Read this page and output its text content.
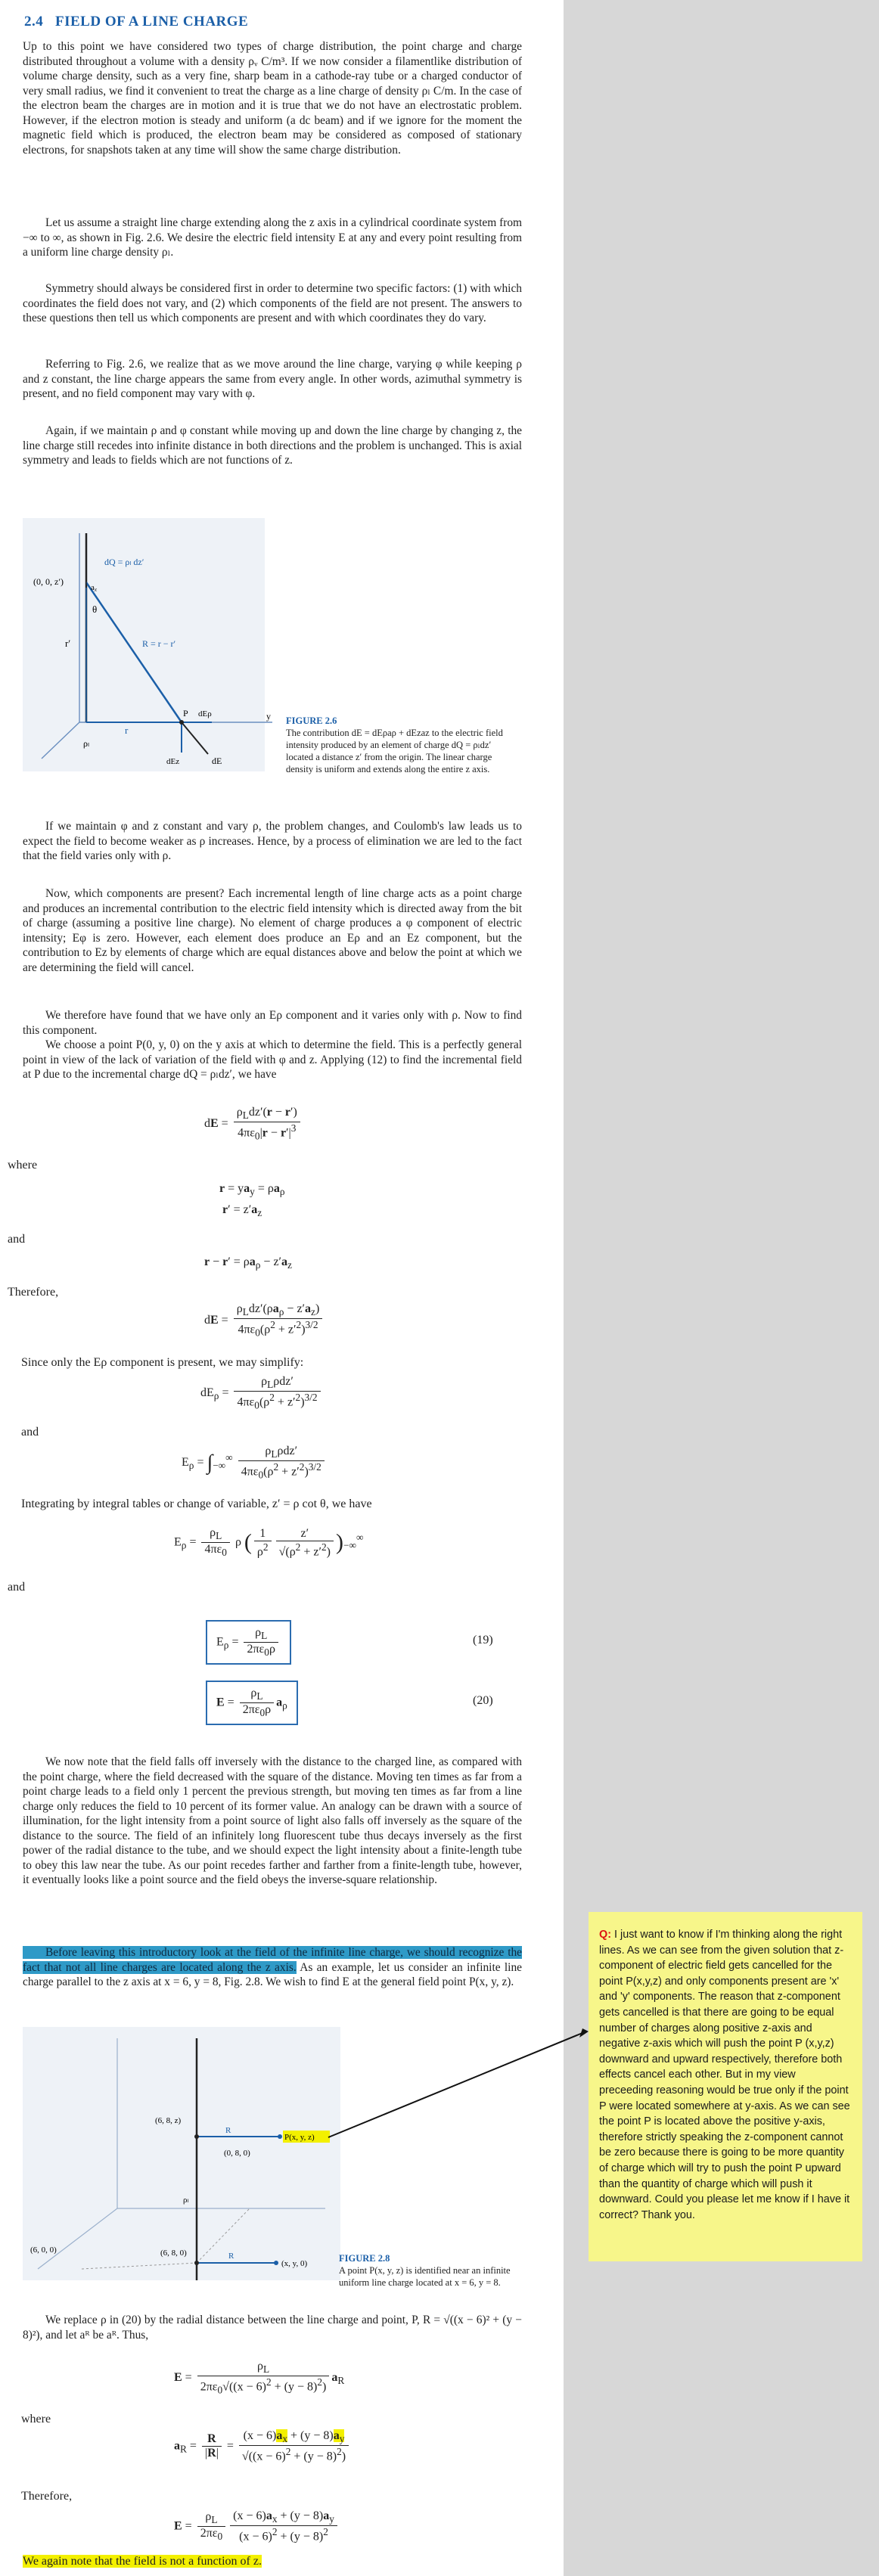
2.4 FIELD OF A LINE CHARGE

Up to this point we have considered two types of charge distribution, the point charge and charge distributed throughout a volume with a density ρᵥ C/m³. If we now consider a filamentlike distribution of volume charge density, such as a very fine, sharp beam in a cathode-ray tube or a charged conductor of very small radius, we find it convenient to treat the charge as a line charge of density ρₗ C/m. In the case of the electron beam the charges are in motion and it is true that we do not have an electrostatic problem. However, if the electron motion is steady and uniform (a dc beam) and if we ignore for the moment the magnetic field which is produced, the electron beam may be considered as composed of stationary electrons, for snapshots taken at any time will show the same charge distribution.

Let us assume a straight line charge extending along the z axis in a cylindrical coordinate system from −∞ to ∞, as shown in Fig. 2.6. We desire the electric field intensity E at any and every point resulting from a uniform line charge density ρₗ.

Symmetry should always be considered first in order to determine two specific factors: (1) with which coordinates the field does not vary, and (2) which components of the field are not present. The answers to these questions then tell us which components are present and with which coordinates they do vary.

Referring to Fig. 2.6, we realize that as we move around the line charge, varying φ while keeping ρ and z constant, the line charge appears the same from every angle. In other words, azimuthal symmetry is present, and no field component may vary with φ.

Again, if we maintain ρ and φ constant while moving up and down the line charge by changing z, the line charge still recedes into infinite distance in both directions and the problem is unchanged. This is axial symmetry and leads to fields which are not functions of z.

(0, 0, z′)
dQ = ρₗ dz′
aᵪ
θ
r′	R = r − r′
P dEρ	y
r
ρₗ
dEz	dE
FIGURE 2.6
The contribution dE = dEρaρ + dEzaz to the electric field intensity produced by an element of charge dQ = ρₗdz′ located a distance z′ from the origin. The linear charge density is uniform and extends along the entire z axis.

If we maintain φ and z constant and vary ρ, the problem changes, and Coulomb's law leads us to expect the field to become weaker as ρ increases. Hence, by a process of elimination we are led to the fact that the field varies only with ρ.

Now, which components are present? Each incremental length of line charge acts as a point charge and produces an incremental contribution to the electric field intensity which is directed away from the bit of charge (assuming a positive line charge). No element of charge produces a φ component of electric intensity; Eφ is zero. However, each element does produce an Eρ and an Ez component, but the contribution to Ez by elements of charge which are equal distances above and below the point at which we are determining the field will cancel.

We therefore have found that we have only an Eρ component and it varies only with ρ. Now to find this component.

We choose a point P(0, y, 0) on the y axis at which to determine the field. This is a perfectly general point in view of the lack of variation of the field with φ and z. Applying (12) to find the incremental field at P due to the incremental charge dQ = ρₗdz′, we have

dE = $\frac{\rho_Ldz'(r - r')}{4\pi\varepsilon_0|r - r'|^3}$
where
$r = ya_y = \rho a_\rho$
$r' = z'a_z$
and
$r - r' = \rho a_\rho - z'a_z$
Therefore,
dE = $\frac{\rho_Ldz'(\rho a_\rho - z'a_z)}{4\pi\varepsilon_0(\rho^2 + z'^2)^{3/2}}$
Since only the Eρ component is present, we may simplify:
$dE_\rho = \frac{\rho_L\rho dz'}{4\pi\varepsilon_0(\rho^2 + z'^2)^{3/2}}$
and
$E_\rho = \int_{-\infty}^\infty \frac{\rho_L\rho dz'}{4\pi\varepsilon_0(\rho^2 + z'^2)^{3/2}}$
Integrating by integral tables or change of variable, z′ = ρ cot θ, we have
$E_\rho = \frac{\rho_L}{4\pi\varepsilon_0}$ ρ ( $\frac{1}{\rho^2} \frac{z'}{√(\rho^2 + z'^2)} )_{-\infty}^\infty$
and
$E_\rho = \frac{\rho_L}{2\pi\varepsilon_0\rho}$	(19)
$E = \frac{\rho_L}{2\pi\varepsilon_0\rho} a_\rho$	(20)

We now note that the field falls off inversely with the distance to the charged line, as compared with the point charge, where the field decreased with the square of the distance. Moving ten times as far from a point charge leads to a field only 1 percent the previous strength, but moving ten times as far from a line charge only reduces the field to 10 percent of its former value. An analogy can be drawn with a source of illumination, for the light intensity from a point source of light also falls off inversely as the square of the distance to the source. The field of an infinitely long fluorescent tube thus decays inversely as the first power of the radial distance to the tube, and we should expect the light intensity about a finite-length tube to obey this law near the tube. As our point recedes farther and farther from a finite-length tube, however, it eventually looks like a point source and the field obeys the inverse-square relationship.

Before leaving this introductory look at the field of the infinite line charge, we should recognize the fact that not all line charges are located along the z axis. As an example, let us consider an infinite line charge parallel to the z axis at x = 6, y = 8, Fig. 2.8. We wish to find E at the general field point P(x, y, z).

(6, 8, z)
R
P(x, y, z)
(0, 8, 0)
ρₗ
(6, 0, 0)	(6, 8, 0)	R
(x, y, 0)	FIGURE 2.8
A point P(x, y, z) is identified near an infinite uniform line charge located at x = 6, y = 8.

We replace ρ in (20) by the radial distance between the line charge and point, P, R = √((x − 6)² + (y − 8)²), and let aᴿ be aᴿ. Thus,

$E = \frac{\rho_L}{2\pi\varepsilon_0√((x - 6)^2 + (y - 8)^2)} a_R$
where
$a_R = \frac{R}{|R|} = \frac{(x - 6)a_x + (y - 8)a_y}{√((x - 6)^2 + (y - 8)^2)}$
Therefore,
$E = \frac{\rho_L}{2\pi\varepsilon_0} \frac{(x - 6)a_x + (y - 8)a_y}{(x - 6)^2 + (y - 8)^2}$
We again note that the field is not a function of z.
Q: I just want to know if I'm thinking along the right lines. As we can see from the given solution that z-component of electric field gets cancelled for the point P(x,y,z) and only components present are 'x' and 'y' components. The reason that z-component gets cancelled is that there are going to be equal number of charges along positive z-axis and negative z-axis which will push the point P (x,y,z) downward and upward respectively, therefore both effects cancel each other. But in my view preceeding reasoning would be true only if the point P were located somewhere at y-axis. As we can see the point P is located above the positive y-axis, therefore strictly speaking the z-component cannot be zero because there is going to be more quantity of charge which will try to push the point P upward than the quantity of charge which will push it downward. Could you please let me know if I have it correct? Thank you.
